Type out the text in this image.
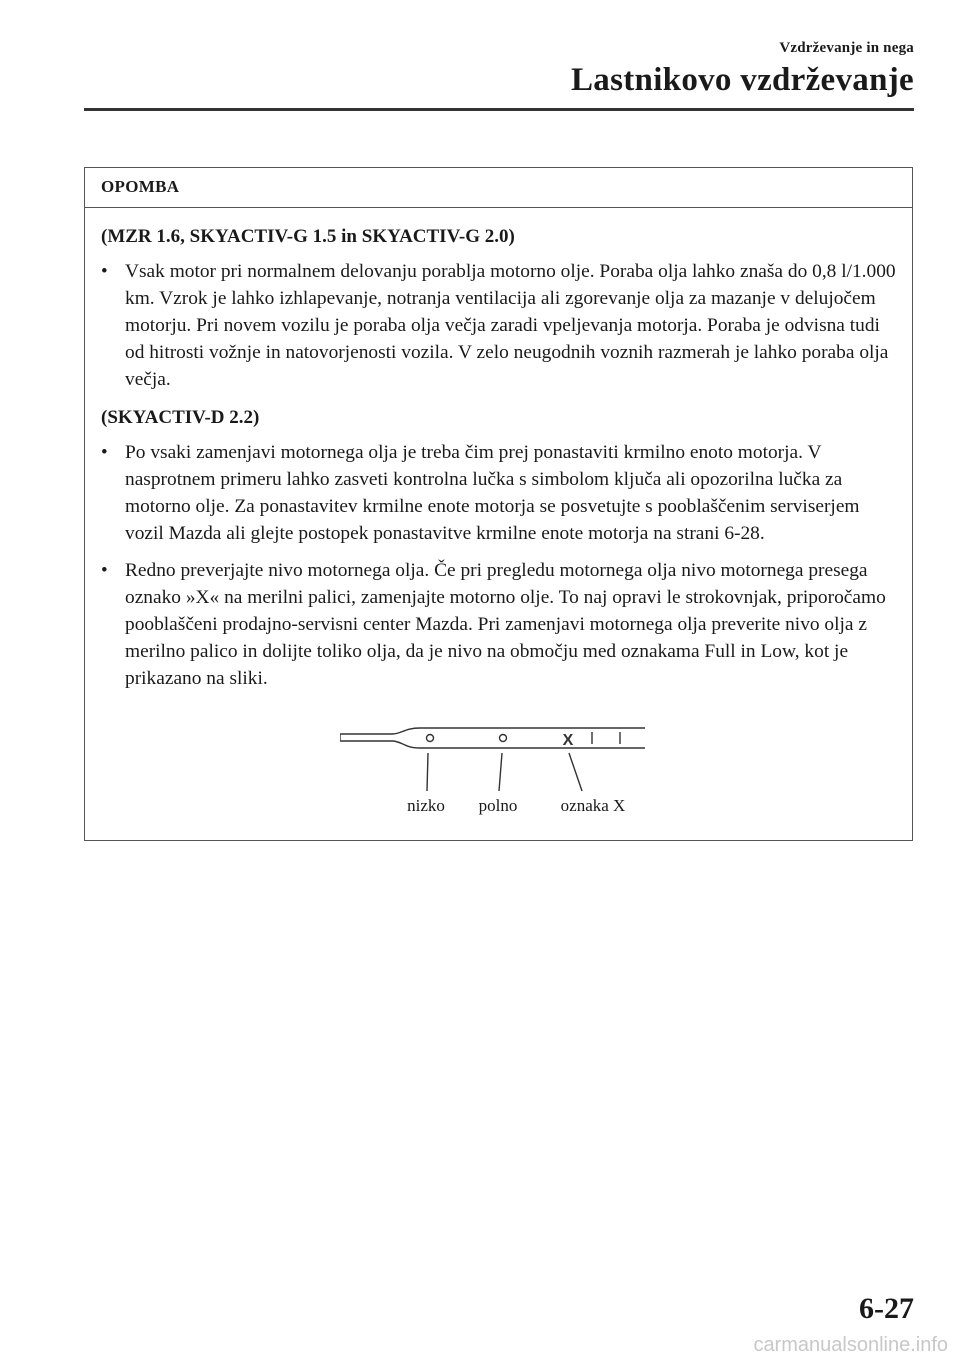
Vzdrževanje in nega
Lastnikovo vzdrževanje
OPOMBA
(MZR 1.6, SKYACTIV-G 1.5 in SKYACTIV-G 2.0)
• Vsak motor pri normalnem delovanju porablja motorno olje. Poraba olja lahko znaša do 0,8 l/1.000 km. Vzrok je lahko izhlapevanje, notranja ventilacija ali zgorevanje olja za mazanje v delujočem motorju. Pri novem vozilu je poraba olja večja zaradi vpeljevanja motorja. Poraba je odvisna tudi od hitrosti vožnje in natovorjenosti vozila. V zelo neugodnih voznih razmerah je lahko poraba olja večja.
(SKYACTIV-D 2.2)
• Po vsaki zamenjavi motornega olja je treba čim prej ponastaviti krmilno enoto motorja. V nasprotnem primeru lahko zasveti kontrolna lučka s simbolom ključa ali opozorilna lučka za motorno olje. Za ponastavitev krmilne enote motorja se posvetujte s pooblaščenim serviserjem vozil Mazda ali glejte postopek ponastavitve krmilne enote motorja na strani 6-28.
• Redno preverjajte nivo motornega olja. Če pri pregledu motornega olja nivo motornega presega oznako »X« na merilni palici, zamenjajte motorno olje. To naj opravi le strokovnjak, priporočamo pooblaščeni prodajno-servisni center Mazda. Pri zamenjavi motornega olja preverite nivo olja z merilno palico in dolijte toliko olja, da je nivo na območju med oznakama Full in Low, kot je prikazano na sliki.
X
nizko polno	oznaka X
6-27
carmanualsonline.info
